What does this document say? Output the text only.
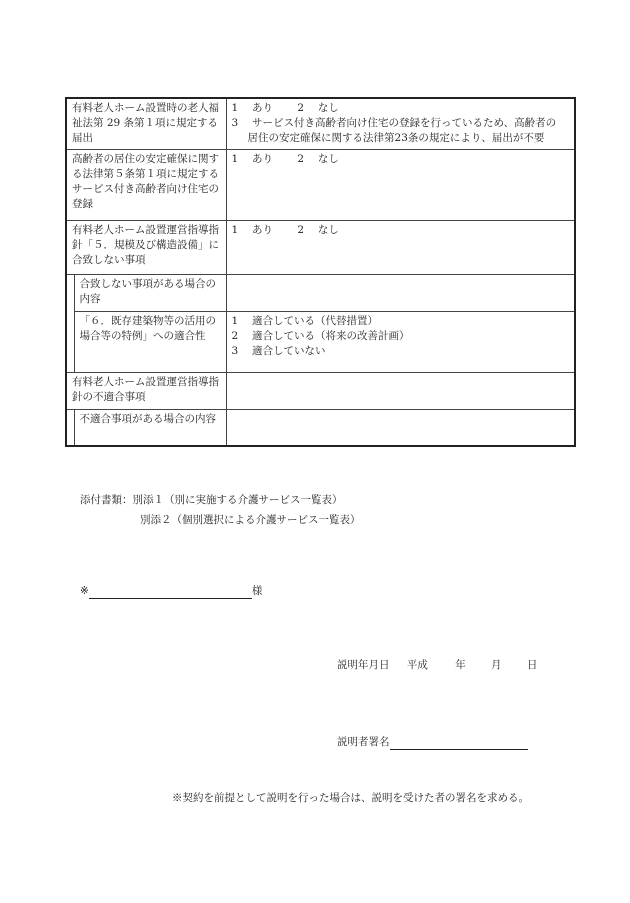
有料老人ホーム設置時の老人福祉法第 29 条第１項に規定する届出		1　 あり　　 2　 なし
3　 サービス付き高齢者向け住宅の登録を行っているため、高齢者の
居住の安定確保に関する法律第23条の規定により、届出が不要

高齢者の居住の安定確保に関する法律第５条第１項に規定するサービス付き高齢者向け住宅の登録		1　 あり　　 2　 なし

有料老人ホーム設置運営指導指針「５．規模及び構造設備」に合致しない事項		1　 あり　　 2　 なし

	合致しない事項がある場合の内容	
	「６．既存建築物等の活用の場合等の特例」への適合性	1　 適合している（代替措置）
2　 適合している（将来の改善計画）
3　 適合していない

有料老人ホーム設置運営指導指針の不適合事項		
	不適合事項がある場合の内容	
添付書類：別添１（別に実施する介護サービス一覧表）
別添２（個別選択による介護サービス一覧表）
※	様
説明年月日 平成	年 月 日
説明者署名
※契約を前提として説明を行った場合は、説明を受けた者の署名を求める。
